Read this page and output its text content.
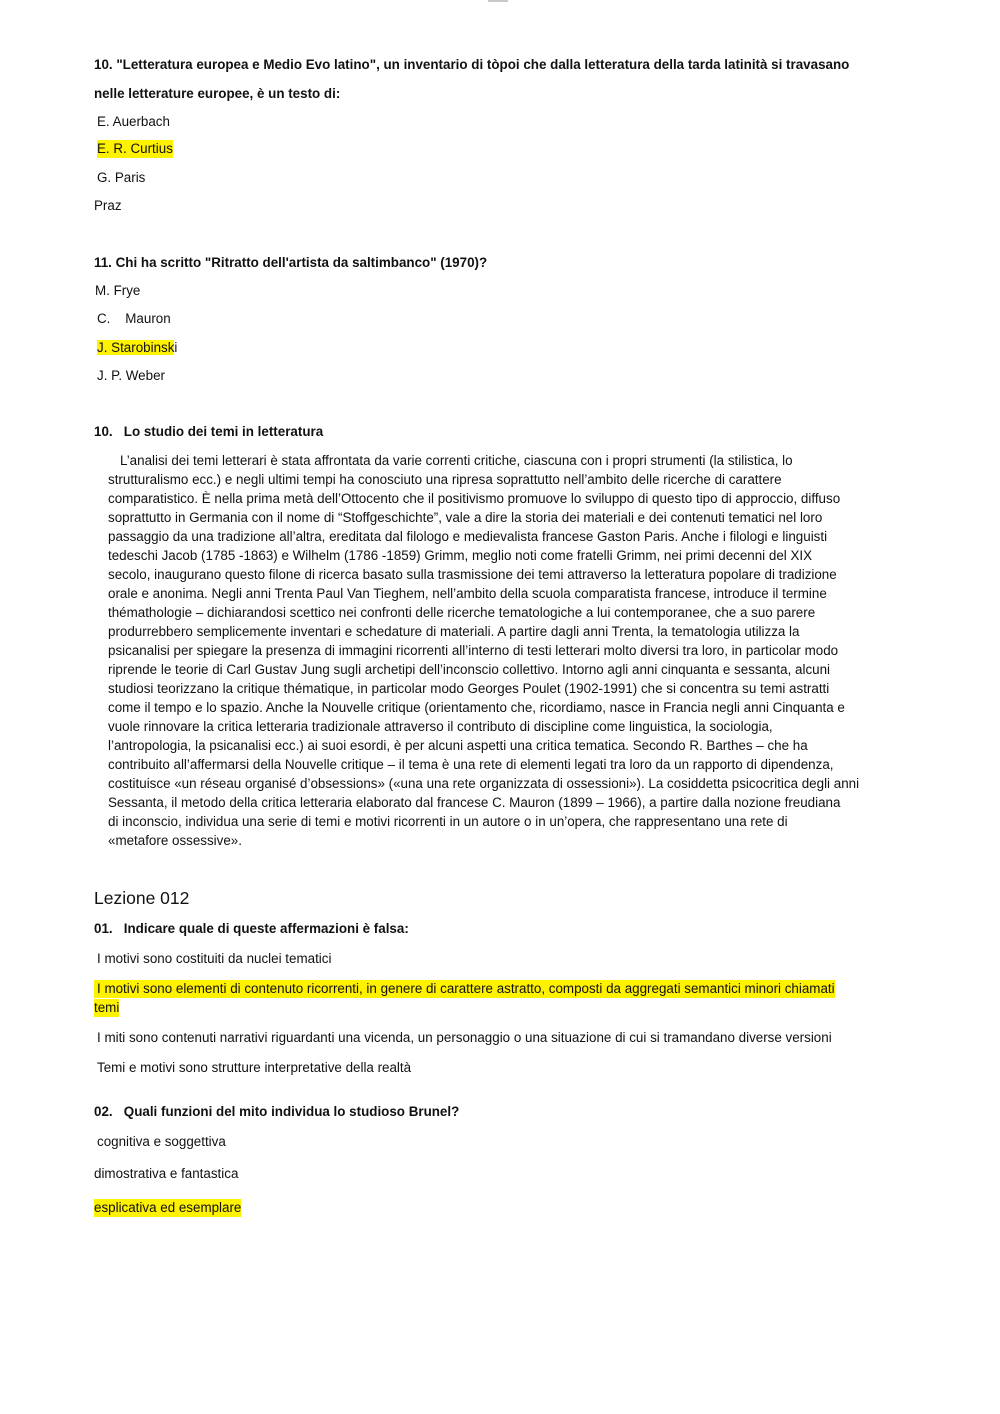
10. "Letteratura europea e Medio Evo latino", un inventario di tòpoi che dalla letteratura della tarda latinità si travasano
nelle letterature europee, è un testo di:
E. Auerbach
E. R. Curtius
G. Paris
Praz
11. Chi ha scritto "Ritratto dell'artista da saltimbanco" (1970)?
M. Frye
C.    Mauron
J. Starobinski
J. P. Weber
10.   Lo studio dei temi in letteratura
L’analisi dei temi letterari è stata affrontata da varie correnti critiche, ciascuna con i propri strumenti (la stilistica, lo
strutturalismo ecc.) e negli ultimi tempi ha conosciuto una ripresa soprattutto nell’ambito delle ricerche di carattere
comparatistico. È nella prima metà dell’Ottocento che il positivismo promuove lo sviluppo di questo tipo di approccio, diffuso
soprattutto in Germania con il nome di “Stoffgeschichte”, vale a dire la storia dei materiali e dei contenuti tematici nel loro
passaggio da una tradizione all’altra, ereditata dal filologo e medievalista francese Gaston Paris. Anche i filologi e linguisti
tedeschi Jacob (1785 -1863) e Wilhelm (1786 -1859) Grimm, meglio noti come fratelli Grimm, nei primi decenni del XIX
secolo, inaugurano questo filone di ricerca basato sulla trasmissione dei temi attraverso la letteratura popolare di tradizione
orale e anonima. Negli anni Trenta Paul Van Tieghem, nell’ambito della scuola comparatista francese, introduce il termine
thémathologie – dichiarandosi scettico nei confronti delle ricerche tematologiche a lui contemporanee, che a suo parere
produrrebbero semplicemente inventari e schedature di materiali. A partire dagli anni Trenta, la tematologia utilizza la
psicanalisi per spiegare la presenza di immagini ricorrenti all’interno di testi letterari molto diversi tra loro, in particolar modo
riprende le teorie di Carl Gustav Jung sugli archetipi dell’inconscio collettivo. Intorno agli anni cinquanta e sessanta, alcuni
studiosi teorizzano la critique thématique, in particolar modo Georges Poulet (1902-1991) che si concentra su temi astratti
come il tempo e lo spazio. Anche la Nouvelle critique (orientamento che, ricordiamo, nasce in Francia negli anni Cinquanta e
vuole rinnovare la critica letteraria tradizionale attraverso il contributo di discipline come linguistica, la sociologia,
l’antropologia, la psicanalisi ecc.) ai suoi esordi, è per alcuni aspetti una critica tematica. Secondo R. Barthes – che ha
contribuito all’affermarsi della Nouvelle critique – il tema è una rete di elementi legati tra loro da un rapporto di dipendenza,
costituisce «un réseau organisé d’obsessions» («una una rete organizzata di ossessioni»). La cosiddetta psicocritica degli anni
Sessanta, il metodo della critica letteraria elaborato dal francese C. Mauron (1899 – 1966), a partire dalla nozione freudiana
di inconscio, individua una serie di temi e motivi ricorrenti in un autore o in un’opera, che rappresentano una rete di
«metafore ossessive».
Lezione 012
01.   Indicare quale di queste affermazioni è falsa:
I motivi sono costituiti da nuclei tematici
I motivi sono elementi di contenuto ricorrenti, in genere di carattere astratto, composti da aggregati semantici minori chiamati
temi
I miti sono contenuti narrativi riguardanti una vicenda, un personaggio o una situazione di cui si tramandano diverse versioni
Temi e motivi sono strutture interpretative della realtà
02.   Quali funzioni del mito individua lo studioso Brunel?
cognitiva e soggettiva
dimostrativa e fantastica
esplicativa ed esemplare
